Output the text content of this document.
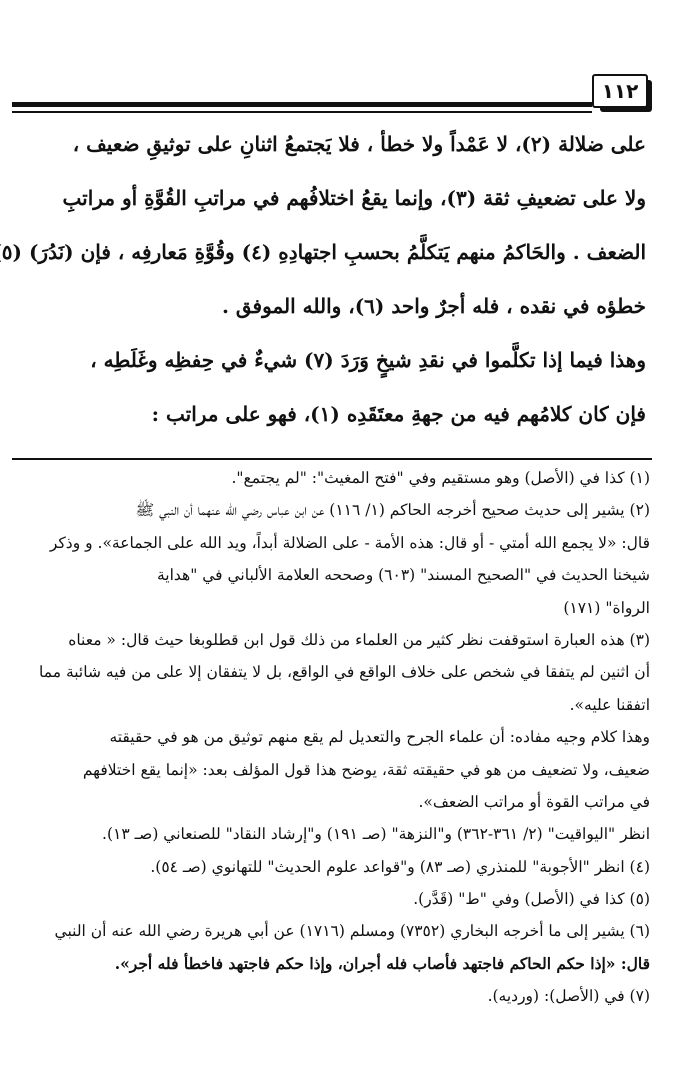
١١٢
على ضلالة (٢)، لا عَمْداً ولا خطأ ، فلا يَجتمعُ اثنانِ على توثيقِ ضعيف ،
ولا على تضعيفِ ثقة (٣)، وإنما يقعُ اختلافُهم في مراتبِ القُوَّةِ أو مراتبِ
الضعف . والحَاكمُ منهم يَتكلَّمُ بحسبِ اجتهادِهِ (٤) وقُوَّةِ مَعارفِه ، فإن (نَدُرَ) (٥
خطؤه في نقده ، فله أجرٌ واحد (٦)، والله الموفق .
وهذا فيما إذا تكلَّموا في نقدِ شيخٍ وَرَدَ (٧) شيءٌ في حِفظِه وغَلَطِه ،
فإن كان كلامُهم فيه من جهةِ معتَقَدِه (١)، فهو على مراتب :
(١) كذا في (الأصل) وهو مستقيم وفي "فتح المغيث": "لم يجتمع".
(٢) يشير إلى حديث صحيح أخرجه الحاكم (١/ ١١٦) عن ابن عباس رضي الله عنهما أن النبي ﷺ
قال: «لا يجمع الله أمتي - أو قال: هذه الأمة - على الضلالة أبداً، ويد الله على الجماعة». و وذكر
شيخنا الحديث في "الصحيح المسند" (٦٠٣) وصححه العلامة الألباني في "هداية
الرواة" (١٧١)
(٣) هذه العبارة استوقفت نظر كثير من العلماء من ذلك قول ابن قطلوبغا حيث قال: « معناه
أن اثنين لم يتفقا في شخص على خلاف الواقع في الواقع، بل لا يتفقان إلا على من فيه شائبة مما
اتفقنا عليه».
وهذا كلام وجيه مفاده: أن علماء الجرح والتعديل لم يقع منهم توثيق من هو في حقيقته
ضعيف، ولا تضعيف من هو في حقيقته ثقة، يوضح هذا قول المؤلف بعد: «إنما يقع اختلافهم
في مراتب القوة أو مراتب الضعف».
انظر "اليواقيت" (٢/ ٣٦١-٣٦٢) و"النزهة" (صـ ١٩١) و"إرشاد النقاد" للصنعاني (صـ ١٣).
(٤) انظر "الأجوبة" للمنذري (صـ ٨٣) و"قواعد علوم الحديث" للتهانوي (صـ ٥٤).
(٥) كذا في (الأصل) وفي "ط" (قَدَّر).
(٦) يشير إلى ما أخرجه البخاري (٧٣٥٢) ومسلم (١٧١٦) عن أبي هريرة رضي الله عنه أن النبي
قال: «إذا حكم الحاكم فاجتهد فأصاب فله أجران، وإذا حكم فاجتهد فاخطأ فله أجر».
(٧) في (الأصل): (ورديه).
